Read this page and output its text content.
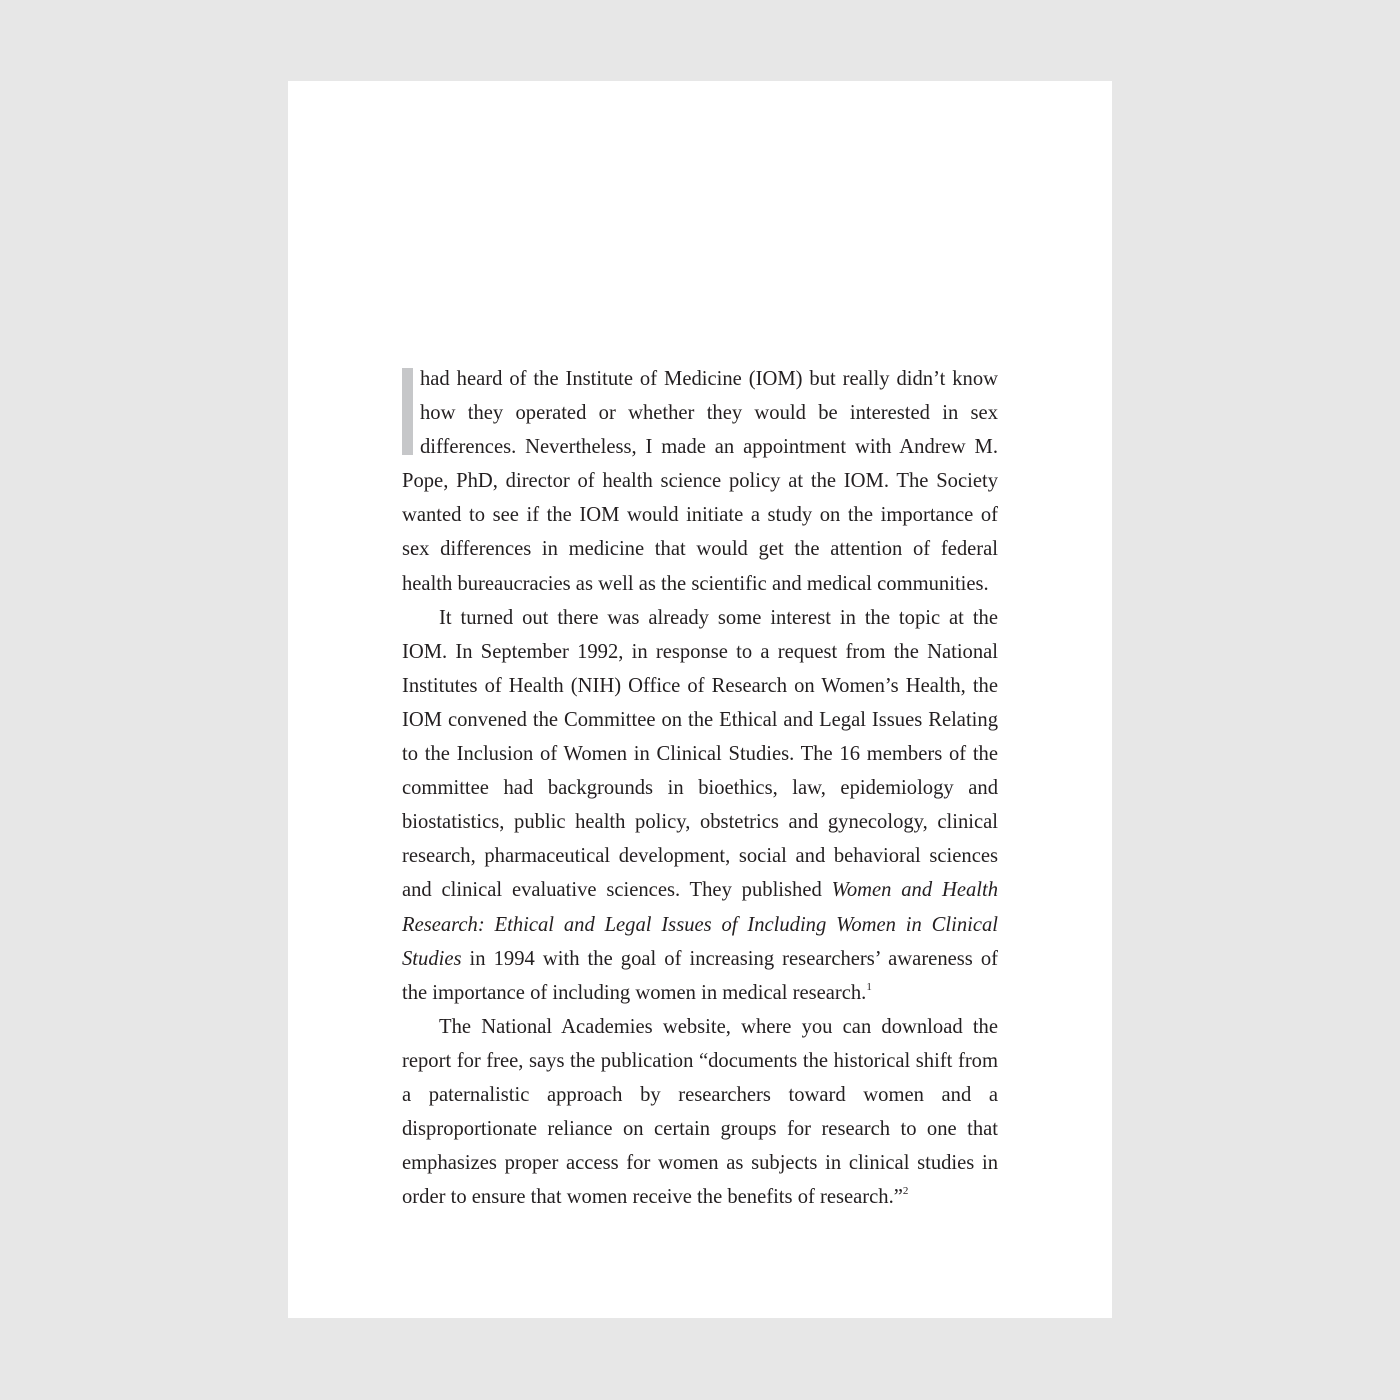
had heard of the Institute of Medicine (IOM) but really didn’t know how they operated or whether they would be interested in sex differences. Nevertheless, I made an appointment with Andrew M. Pope, PhD, director of health science policy at the IOM. The Society wanted to see if the IOM would initiate a study on the importance of sex differences in medicine that would get the attention of federal health bureaucracies as well as the scientific and medical communities.

It turned out there was already some interest in the topic at the IOM. In September 1992, in response to a request from the National Institutes of Health (NIH) Office of Research on Women’s Health, the IOM convened the Committee on the Ethical and Legal Issues Relating to the Inclusion of Women in Clinical Studies. The 16 members of the committee had backgrounds in bioethics, law, epidemiology and biostatistics, public health policy, obstetrics and gynecology, clinical research, pharmaceutical development, social and behavioral sciences and clinical evaluative sciences. They published Women and Health Research: Ethical and Legal Issues of Including Women in Clinical Studies in 1994 with the goal of increasing researchers’ awareness of the importance of including women in medical research.$^1$

The National Academies website, where you can download the report for free, says the publication “documents the historical shift from a paternalistic approach by researchers toward women and a disproportionate reliance on certain groups for research to one that emphasizes proper access for women as subjects in clinical studies in order to ensure that women receive the benefits of research.”$^2$
